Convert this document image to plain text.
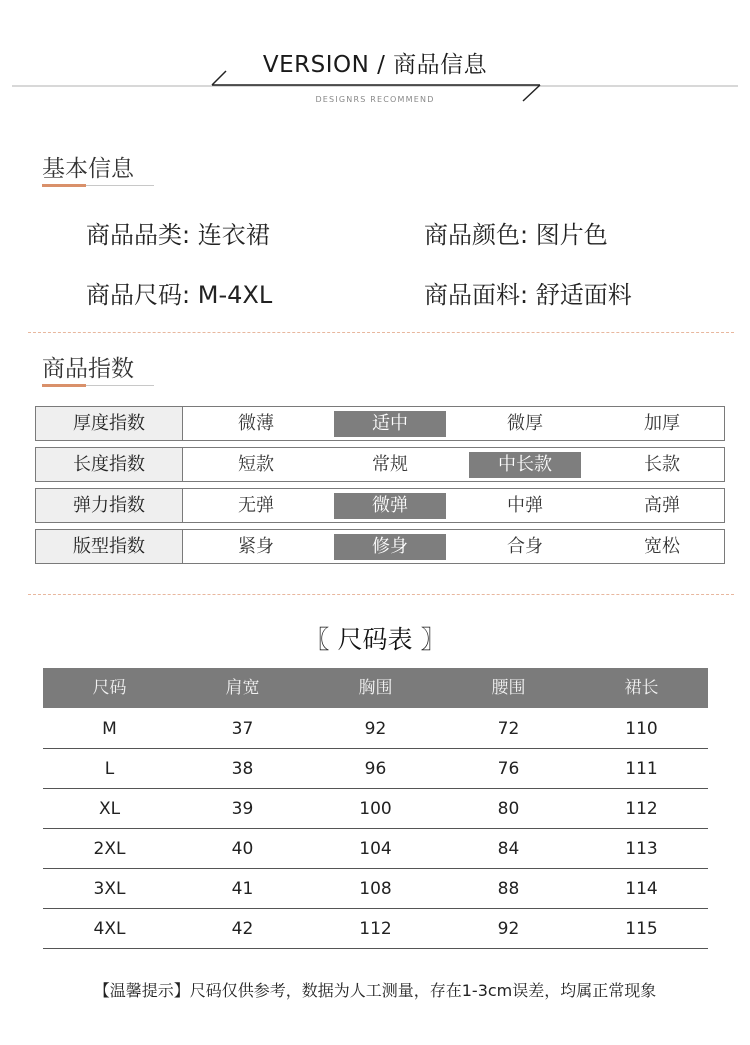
VERSION / 商品信息
DESIGNRS RECOMMEND
基本信息
商品品类: 连衣裙	商品颜色: 图片色
商品尺码: M-4XL	商品面料: 舒适面料
商品指数
厚度指数	微薄	适中	微厚	加厚
长度指数	短款	常规	中长款	长款
弹力指数	无弹	微弹	中弹	高弹
版型指数	紧身	修身	合身	宽松
〖 尺码表 〗
尺码	肩宽	胸围	腰围	裙长
M	37	92	72	110
L	38	96	76	111
XL	39	100	80	112
2XL	40	104	84	113
3XL	41	108	88	114
4XL	42	112	92	115
【温馨提示】尺码仅供参考，数据为人工测量，存在1-3cm误差，均属正常现象
